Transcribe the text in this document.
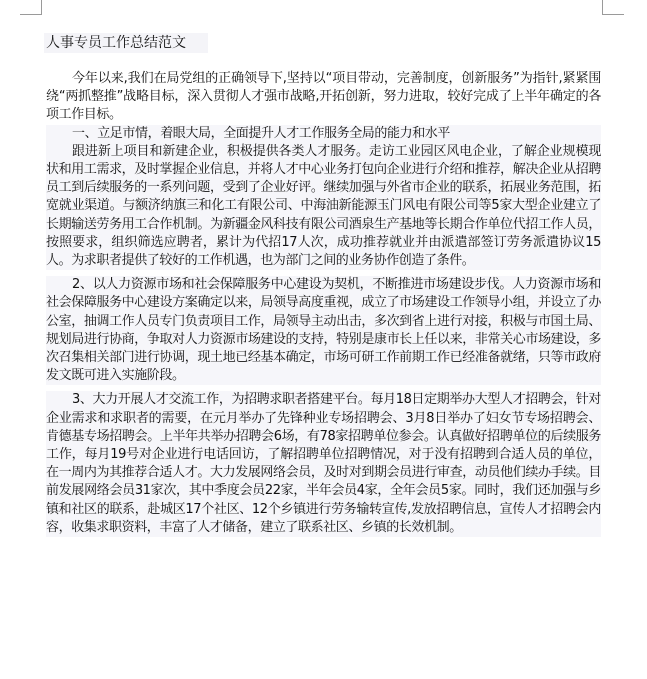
人事专员工作总结范文

今年以来,我们在局党组的正确领导下,坚持以“项目带动，完善制度，创新服务”为指针,紧紧围绕“两抓整推”战略目标，深入贯彻人才强市战略,开拓创新，努力进取，较好完成了上半年确定的各项工作目标。

一、立足市情，着眼大局，全面提升人才工作服务全局的能力和水平

跟进新上项目和新建企业，积极提供各类人才服务。走访工业园区风电企业，了解企业规模现状和用工需求，及时掌握企业信息，并将人才中心业务打包向企业进行介绍和推荐，解决企业从招聘员工到后续服务的一系列问题，受到了企业好评。继续加强与外省市企业的联系，拓展业务范围，拓宽就业渠道。与额济纳旗三和化工有限公司、中海油新能源玉门风电有限公司等5家大型企业建立了长期输送劳务用工合作机制。为新疆金风科技有限公司酒泉生产基地等长期合作单位代招工作人员，按照要求，组织筛选应聘者，累计为代招17人次，成功推荐就业并由派遣部签订劳务派遣协议15人。为求职者提供了较好的工作机遇，也为部门之间的业务协作创造了条件。

2、以人力资源市场和社会保障服务中心建设为契机，不断推进市场建设步伐。人力资源市场和社会保障服务中心建设方案确定以来，局领导高度重视，成立了市场建设工作领导小组，并设立了办公室，抽调工作人员专门负责项目工作，局领导主动出击，多次到省上进行对接，积极与市国土局、规划局进行协商，争取对人力资源市场建设的支持，特别是康市长上任以来，非常关心市场建设，多次召集相关部门进行协调，现土地已经基本确定，市场可研工作前期工作已经准备就绪，只等市政府发文既可进入实施阶段。

3、大力开展人才交流工作，为招聘求职者搭建平台。每月18日定期举办大型人才招聘会，针对企业需求和求职者的需要，在元月举办了先锋种业专场招聘会、3月8日举办了妇女节专场招聘会、肯德基专场招聘会。上半年共举办招聘会6场，有78家招聘单位参会。认真做好招聘单位的后续服务工作，每月19号对企业进行电话回访，了解招聘单位招聘情况，对于没有招聘到合适人员的单位，在一周内为其推荐合适人才。大力发展网络会员，及时对到期会员进行审查，动员他们续办手续。目前发展网络会员31家次，其中季度会员22家，半年会员4家，全年会员5家。同时，我们还加强与乡镇和社区的联系，赴城区17个社区、12个乡镇进行劳务输转宣传,发放招聘信息，宣传人才招聘会内容，收集求职资料，丰富了人才储备，建立了联系社区、乡镇的长效机制。
